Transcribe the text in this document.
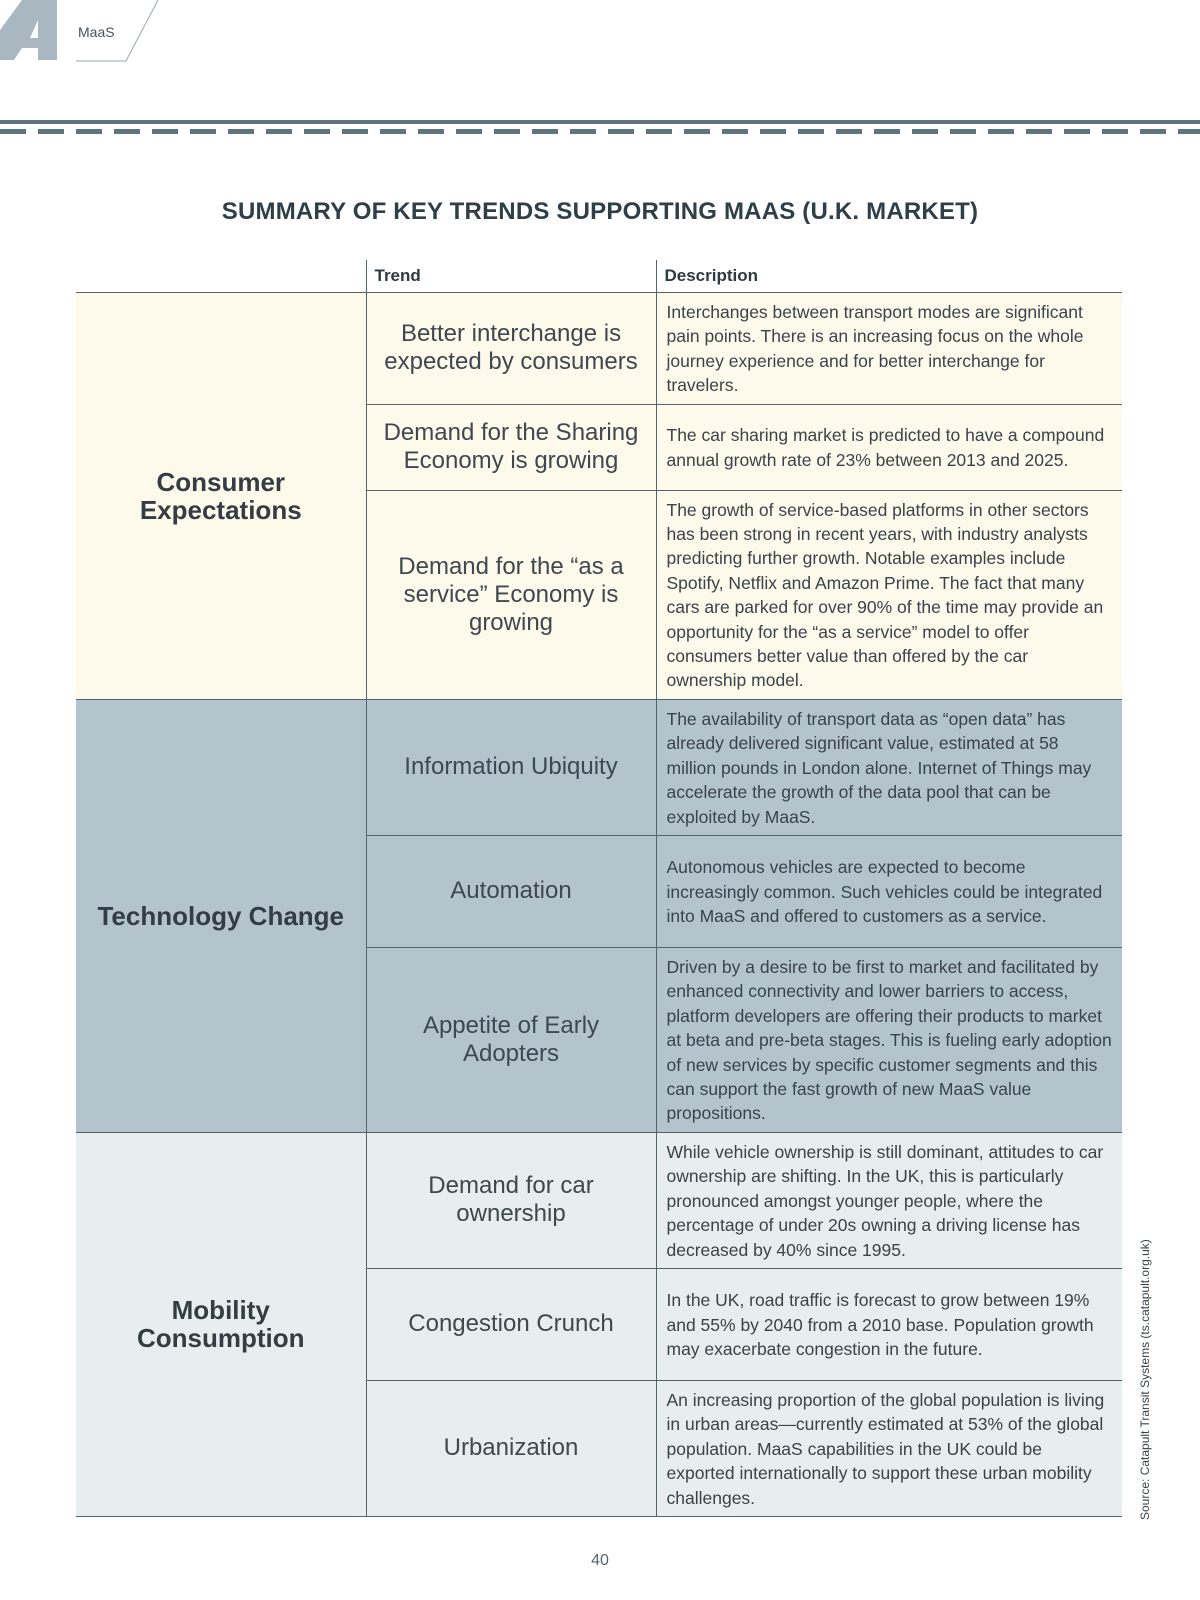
MaaS
SUMMARY OF KEY TRENDS SUPPORTING MAAS (U.K. MARKET)
	Trend	Description
Consumer Expectations	Better interchange is expected by consumers	Interchanges between transport modes are significant pain points. There is an increasing focus on the whole journey experience and for better interchange for travelers.
	Demand for the Sharing Economy is growing	The car sharing market is predicted to have a compound annual growth rate of 23% between 2013 and 2025.
	Demand for the “as a service” Economy is growing	The growth of service-based platforms in other sectors has been strong in recent years, with industry analysts predicting further growth. Notable examples include Spotify, Netflix and Amazon Prime. The fact that many cars are parked for over 90% of the time may provide an opportunity for the “as a service” model to offer consumers better value than offered by the car ownership model.
Technology Change	Information Ubiquity	The availability of transport data as “open data” has already delivered significant value, estimated at 58 million pounds in London alone. Internet of Things may accelerate the growth of the data pool that can be exploited by MaaS.
	Automation	Autonomous vehicles are expected to become increasingly common. Such vehicles could be integrated into MaaS and offered to customers as a service.
	Appetite of Early Adopters	Driven by a desire to be first to market and facilitated by enhanced connectivity and lower barriers to access, platform developers are offering their products to market at beta and pre-beta stages. This is fueling early adoption of new services by specific customer segments and this can support the fast growth of new MaaS value propositions.
Mobility Consumption	Demand for car ownership	While vehicle ownership is still dominant, attitudes to car ownership are shifting. In the UK, this is particularly pronounced amongst younger people, where the percentage of under 20s owning a driving license has decreased by 40% since 1995.
	Congestion Crunch	In the UK, road traffic is forecast to grow between 19% and 55% by 2040 from a 2010 base. Population growth may exacerbate congestion in the future.
	Urbanization	An increasing proportion of the global population is living in urban areas—currently estimated at 53% of the global population. MaaS capabilities in the UK could be exported internationally to support these urban mobility challenges.	Source: Catapult Transit Systems (ts.catapult.org.uk)
40
